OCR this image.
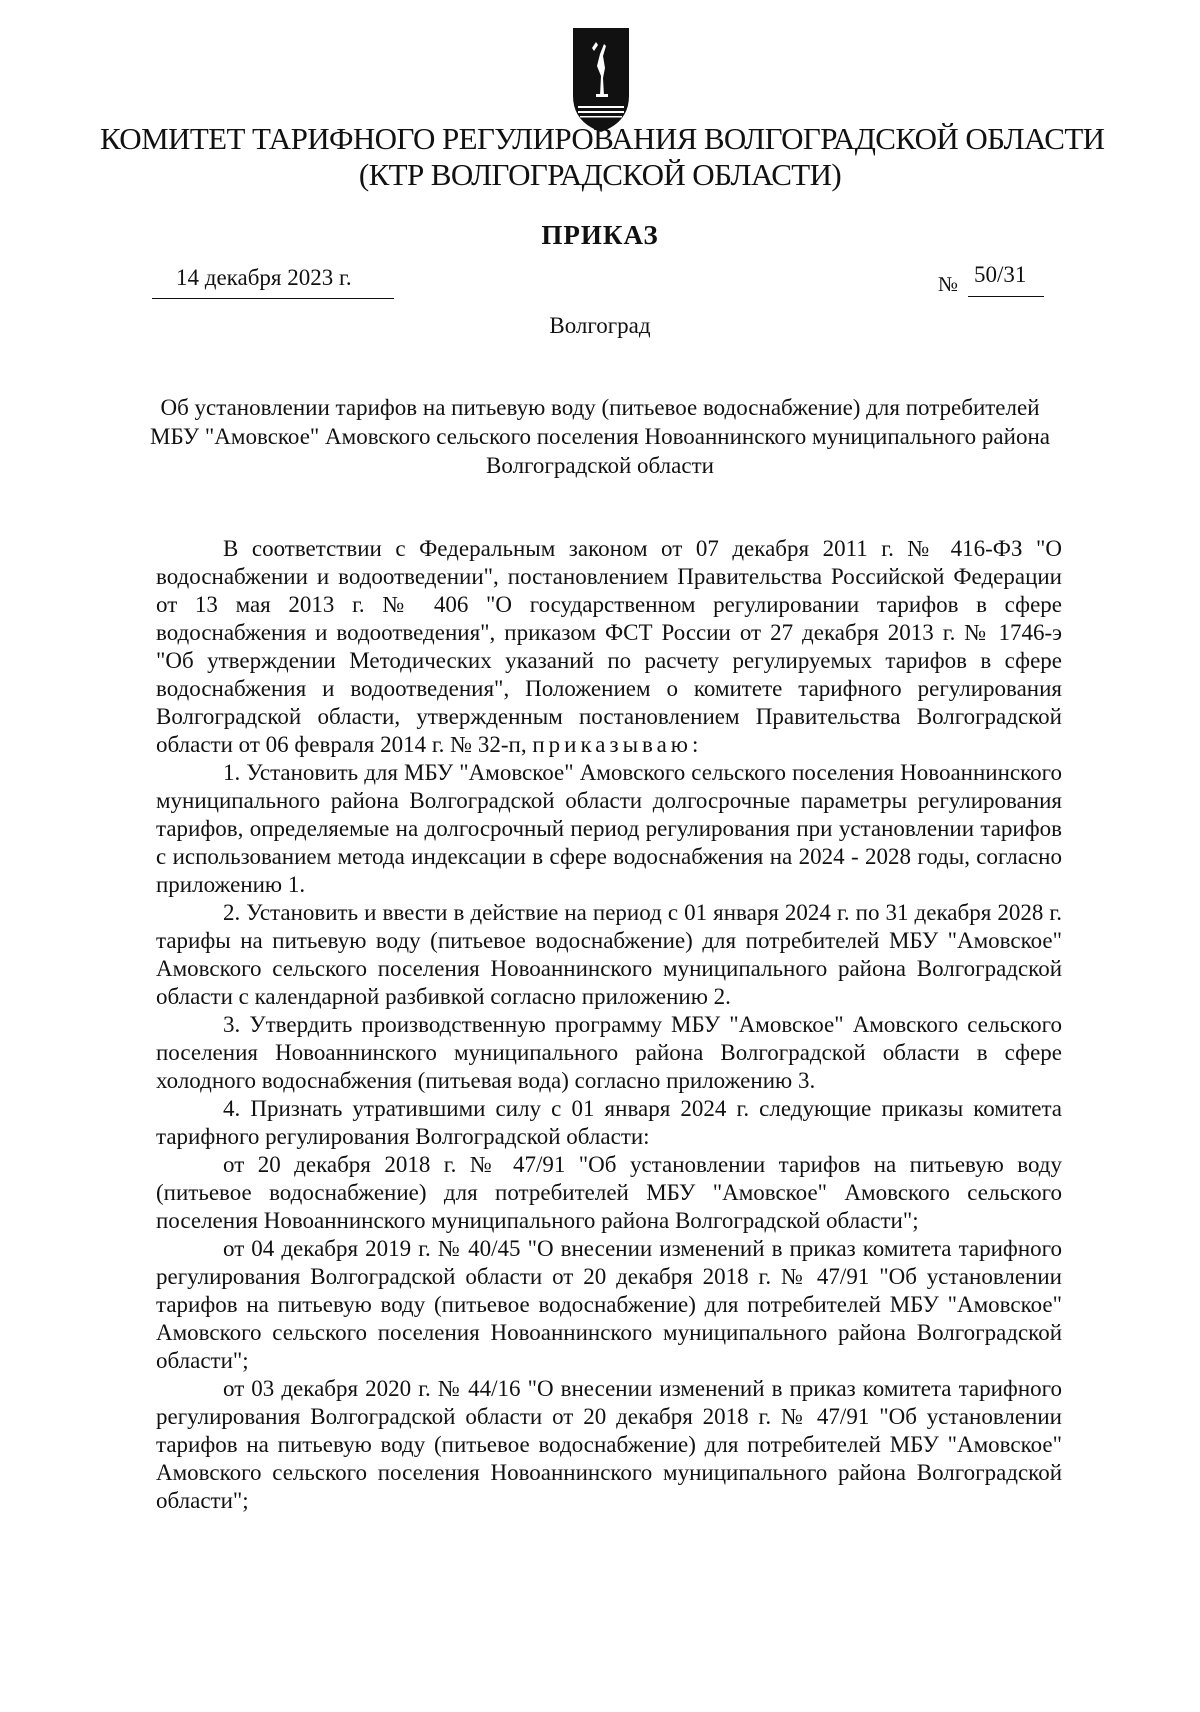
КОМИТЕТ ТАРИФНОГО РЕГУЛИРОВАНИЯ ВОЛГОГРАДСКОЙ ОБЛАСТИ
(КТР ВОЛГОГРАДСКОЙ ОБЛАСТИ)
ПРИКАЗ
14 декабря 2023 г.	№ 50/31
Волгоград
Об установлении тарифов на питьевую воду (питьевое водоснабжение) для потребителей МБУ "Амовское" Амовского сельского поселения Новоаннинского муниципального района Волгоградской области

В соответствии с Федеральным законом от 07 декабря 2011 г. № 416-ФЗ "О водоснабжении и водоотведении", постановлением Правительства Российской Федерации от 13 мая 2013 г. № 406 "О государственном регулировании тарифов в сфере водоснабжения и водоотведения", приказом ФСТ России от 27 декабря 2013 г. № 1746-э "Об утверждении Методических указаний по расчету регулируемых тарифов в сфере водоснабжения и водоотведения", Положением о комитете тарифного регулирования Волгоградской области, утвержденным постановлением Правительства Волгоградской области от 06 февраля 2014 г. № 32-п, приказываю:

1. Установить для МБУ "Амовское" Амовского сельского поселения Новоаннинского муниципального района Волгоградской области долгосрочные параметры регулирования тарифов, определяемые на долгосрочный период регулирования при установлении тарифов с использованием метода индексации в сфере водоснабжения на 2024 - 2028 годы, согласно приложению 1.

2. Установить и ввести в действие на период с 01 января 2024 г. по 31 декабря 2028 г. тарифы на питьевую воду (питьевое водоснабжение) для потребителей МБУ "Амовское" Амовского сельского поселения Новоаннинского муниципального района Волгоградской области с календарной разбивкой согласно приложению 2.

3. Утвердить производственную программу МБУ "Амовское" Амовского сельского поселения Новоаннинского муниципального района Волгоградской области в сфере холодного водоснабжения (питьевая вода) согласно приложению 3.

4. Признать утратившими силу с 01 января 2024 г. следующие приказы комитета тарифного регулирования Волгоградской области:

от 20 декабря 2018 г. № 47/91 "Об установлении тарифов на питьевую воду (питьевое водоснабжение) для потребителей МБУ "Амовское" Амовского сельского поселения Новоаннинского муниципального района Волгоградской области";

от 04 декабря 2019 г. № 40/45 "О внесении изменений в приказ комитета тарифного регулирования Волгоградской области от 20 декабря 2018 г. № 47/91 "Об установлении тарифов на питьевую воду (питьевое водоснабжение) для потребителей МБУ "Амовское" Амовского сельского поселения Новоаннинского муниципального района Волгоградской области";

от 03 декабря 2020 г. № 44/16 "О внесении изменений в приказ комитета тарифного регулирования Волгоградской области от 20 декабря 2018 г. № 47/91 "Об установлении тарифов на питьевую воду (питьевое водоснабжение) для потребителей МБУ "Амовское" Амовского сельского поселения Новоаннинского муниципального района Волгоградской области";
